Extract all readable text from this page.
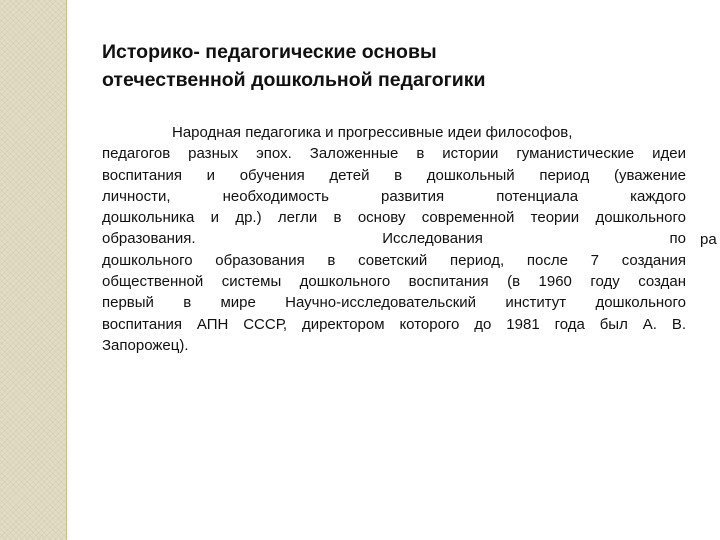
Историко- педагогические основы
отечественной дошкольной педагогики
Народная педагогика и прогрессивные идеи философов,
педагогов разных эпох. Заложенные в истории гуманистические идеи
воспитания и обучения детей в дошкольный период (уважение
личности, необходимость развития потенциала каждого
дошкольника и др.) легли в основу современной теории дошкольного
образования. Исследования по
дошкольного образования в советский период, после 7 создания
общественной системы дошкольного воспитания (в 1960 году создан
первый в мире Научно-исследовательский институт дошкольного
воспитания АПН СССР, директором которого до 1981 года был А. В.
Запорожец).
ра
